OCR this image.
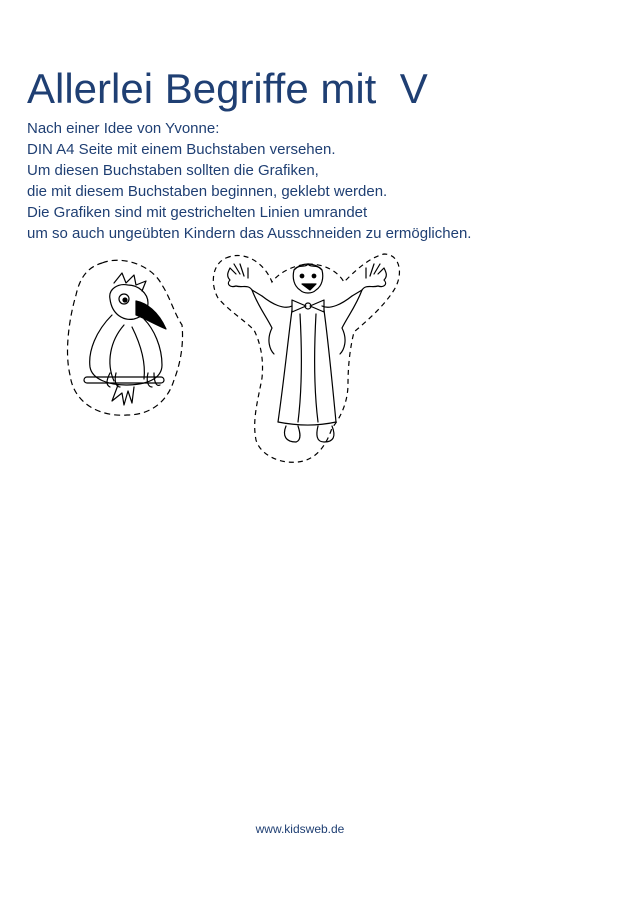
Allerlei Begriffe mit  V
Nach einer Idee von Yvonne:
DIN A4 Seite mit einem Buchstaben versehen.
Um diesen Buchstaben sollten die Grafiken,
die mit diesem Buchstaben beginnen, geklebt werden.
Die Grafiken sind mit gestrichelten Linien umrandet
um so auch ungeübten Kindern das Ausschneiden zu ermöglichen.
www.kidsweb.de
